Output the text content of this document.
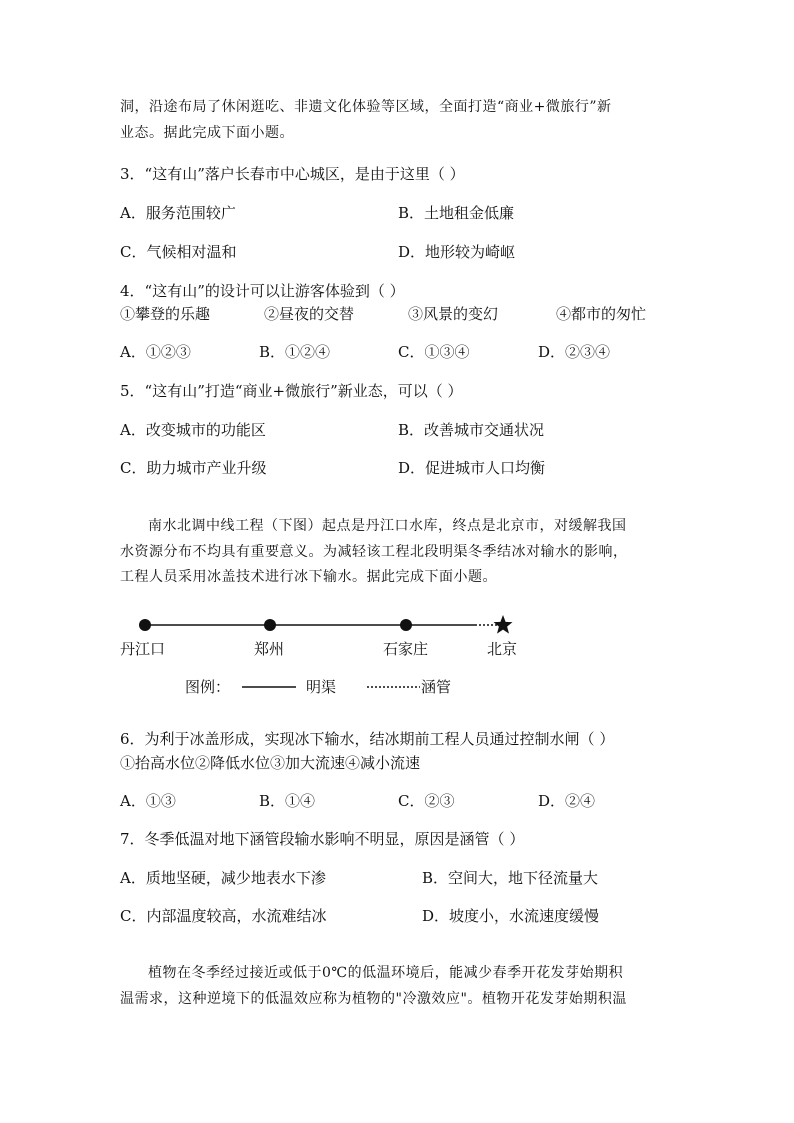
洞，沿途布局了休闲逛吃、非遗文化体验等区域，全面打造“商业+微旅行”新
业态。据此完成下面小题。
3．“这有山”落户长春市中心城区，是由于这里（ ）
A．服务范围较广	B．土地租金低廉
C．气候相对温和	D．地形较为崎岖
4．“这有山”的设计可以让游客体验到（ ）
①攀登的乐趣	②昼夜的交替	③风景的变幻	④都市的匆忙
A．①②③	B．①②④	C．①③④	D．②③④
5．“这有山”打造“商业+微旅行”新业态，可以（ ）
A．改变城市的功能区	B．改善城市交通状况
C．助力城市产业升级	D．促进城市人口均衡
南水北调中线工程（下图）起点是丹江口水库，终点是北京市，对缓解我国
水资源分布不均具有重要意义。为减轻该工程北段明渠冬季结冰对输水的影响，
工程人员采用冰盖技术进行冰下输水。据此完成下面小题。
丹江口	郑州	石家庄	北京
图例：	明渠	涵管
6．为利于冰盖形成，实现冰下输水，结冰期前工程人员通过控制水闸（ ）
①抬高水位②降低水位③加大流速④减小流速
A．①③	B．①④	C．②③	D．②④
7．冬季低温对地下涵管段输水影响不明显，原因是涵管（ ）
A．质地坚硬，减少地表水下渗	B．空间大，地下径流量大
C．内部温度较高，水流难结冰	D．坡度小，水流速度缓慢
植物在冬季经过接近或低于0℃的低温环境后，能减少春季开花发芽始期积
温需求，这种逆境下的低温效应称为植物的"冷激效应"。植物开花发芽始期积温
